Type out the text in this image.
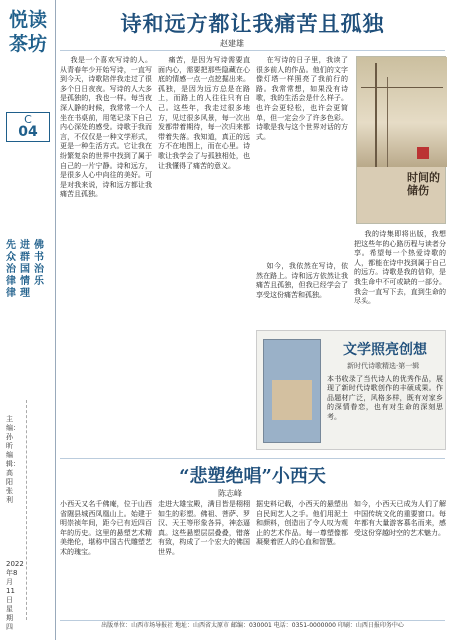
悦读茶坊
C
04
先众治律律
进群国情理
佛书治乐
主编：孙昕 编辑：高阳 张利
2022年8月11日 星期四
诗和远方都让我痛苦且孤独
赵建雄

我是一个喜欢写诗的人。从青春年少开始写诗，一直写到今天，诗歌陪伴我走过了很多个日日夜夜。写诗的人大多是孤独的，我也一样。每当夜深人静的时候，我常常一个人坐在书桌前，用笔记录下自己内心深处的感受。诗歌于我而言，不仅仅是一种文学形式，更是一种生活方式。它让我在纷繁复杂的世界中找到了属于自己的一片宁静。诗和远方，是很多人心中向往的美好。可是对我来说，诗和远方都让我痛苦且孤独。

痛苦，是因为写诗需要直面内心，需要把那些隐藏在心底的情感一点一点挖掘出来。孤独，是因为远方总是在路上，而路上的人往往只有自己。这些年，我走过很多地方，见过很多风景，每一次出发都带着期待，每一次归来都带着失落。我知道，真正的远方不在地图上，而在心里。诗歌让我学会了与孤独相处，也让我懂得了痛苦的意义。

在写诗的日子里，我读了很多前人的作品。他们的文字像灯塔一样照亮了我前行的路。我常常想，如果没有诗歌，我的生活会是什么样子。也许会更轻松，也许会更简单，但一定会少了许多色彩。诗歌是我与这个世界对话的方式。

如今，我依然在写诗，依然在路上。诗和远方依然让我痛苦且孤独，但我已经学会了享受这份痛苦和孤独。

时间的储伤

我的诗集即将出版，我想把这些年的心路历程与读者分享。希望每一个热爱诗歌的人，都能在诗中找到属于自己的远方。诗歌是我的信仰，是我生命中不可或缺的一部分。我会一直写下去，直到生命的尽头。

文学照亮创想
新时代诗歌精选·第一辑
本书收录了当代诗人的优秀作品，展现了新时代诗歌创作的丰硕成果。作品题材广泛，风格多样，既有对家乡的深情眷恋，也有对生命的深刻思考。
“悲塑绝唱”小西天
陈志峰

小西天又名千佛庵，位于山西省隰县城西凤凰山上。始建于明崇祯年间，距今已有近四百年的历史。这里的悬塑艺术精美绝伦，堪称中国古代雕塑艺术的瑰宝。

走进大雄宝殿，满目皆是栩栩如生的彩塑。佛祖、菩萨、罗汉、天王等形象各异，神态逼真。这些悬塑层层叠叠，错落有致，构成了一个宏大的佛国世界。

据史料记载，小西天的悬塑出自民间艺人之手。他们用泥土和颜料，创造出了令人叹为观止的艺术作品。每一尊塑像都凝聚着匠人的心血和智慧。

如今，小西天已成为人们了解中国传统文化的重要窗口。每年都有大量游客慕名而来，感受这份穿越时空的艺术魅力。

出版单位：山西市场导报社 地址：山西省太原市 邮编：030001 电话：0351-0000000 印刷：山西日报印务中心
